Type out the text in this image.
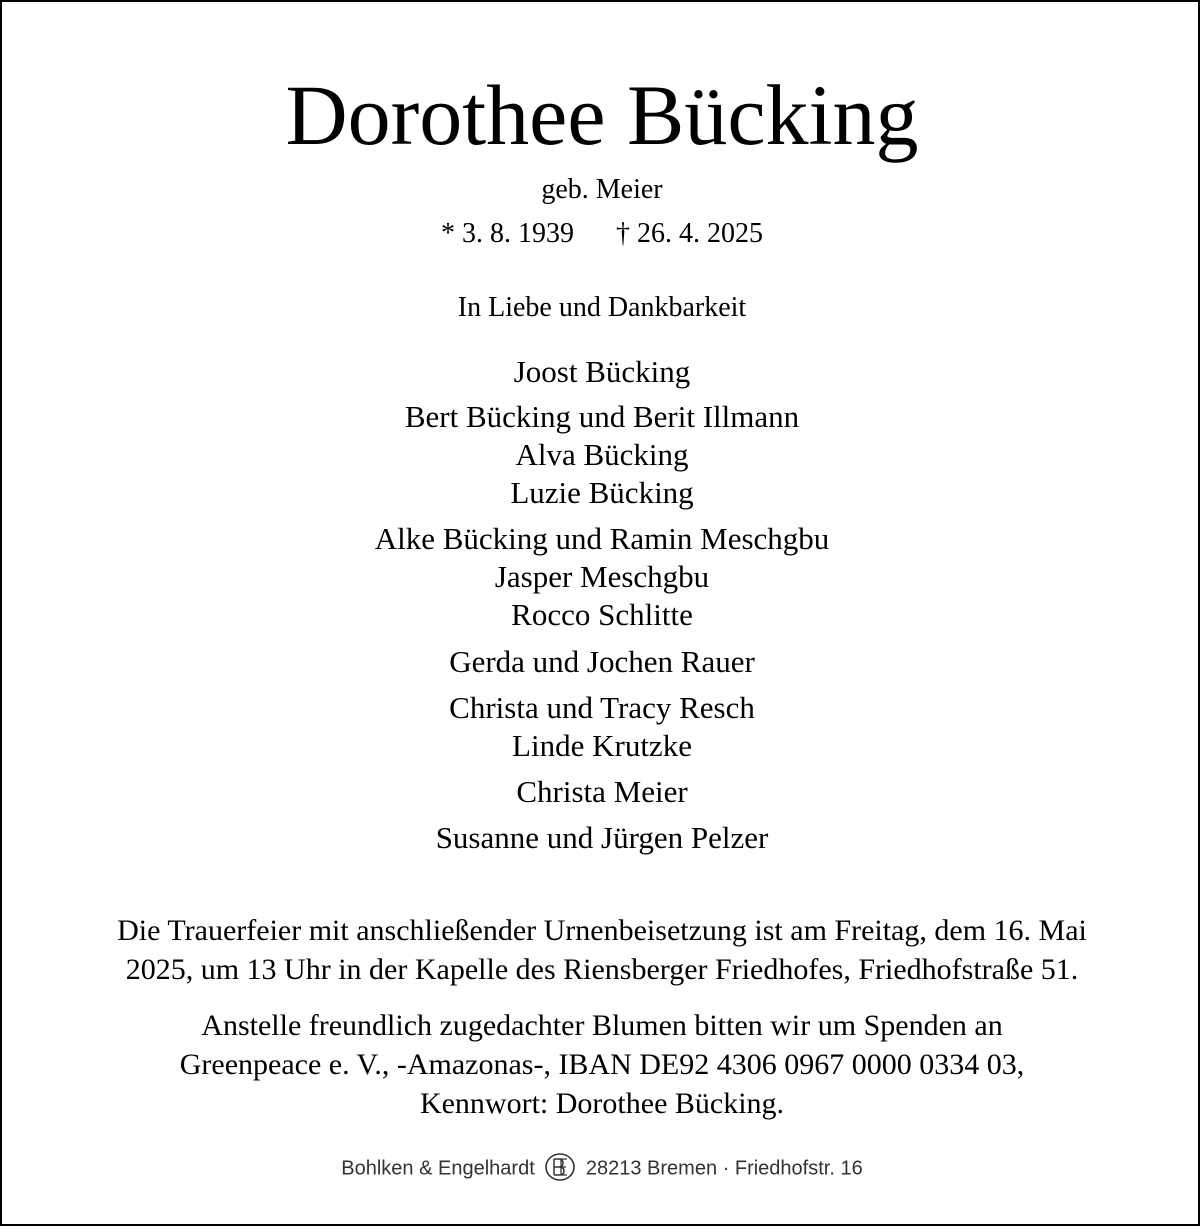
Dorothee Bücking
geb. Meier
* 3. 8. 1939 † 26. 4. 2025
In Liebe und Dankbarkeit
Joost Bücking
Bert Bücking und Berit Illmann
Alva Bücking
Luzie Bücking
Alke Bücking und Ramin Meschgbu
Jasper Meschgbu
Rocco Schlitte
Gerda und Jochen Rauer
Christa und Tracy Resch
Linde Krutzke
Christa Meier
Susanne und Jürgen Pelzer
Die Trauerfeier mit anschließender Urnenbeisetzung ist am Freitag, dem 16. Mai
2025, um 13 Uhr in der Kapelle des Riensberger Friedhofes, Friedhofstraße 51.
Anstelle freundlich zugedachter Blumen bitten wir um Spenden an
Greenpeace e. V., -Amazonas-, IBAN DE92 4306 0967 0000 0334 03,
Kennwort: Dorothee Bücking.
Bohlken & Engelhardt	28213 Bremen · Friedhofstr. 16
